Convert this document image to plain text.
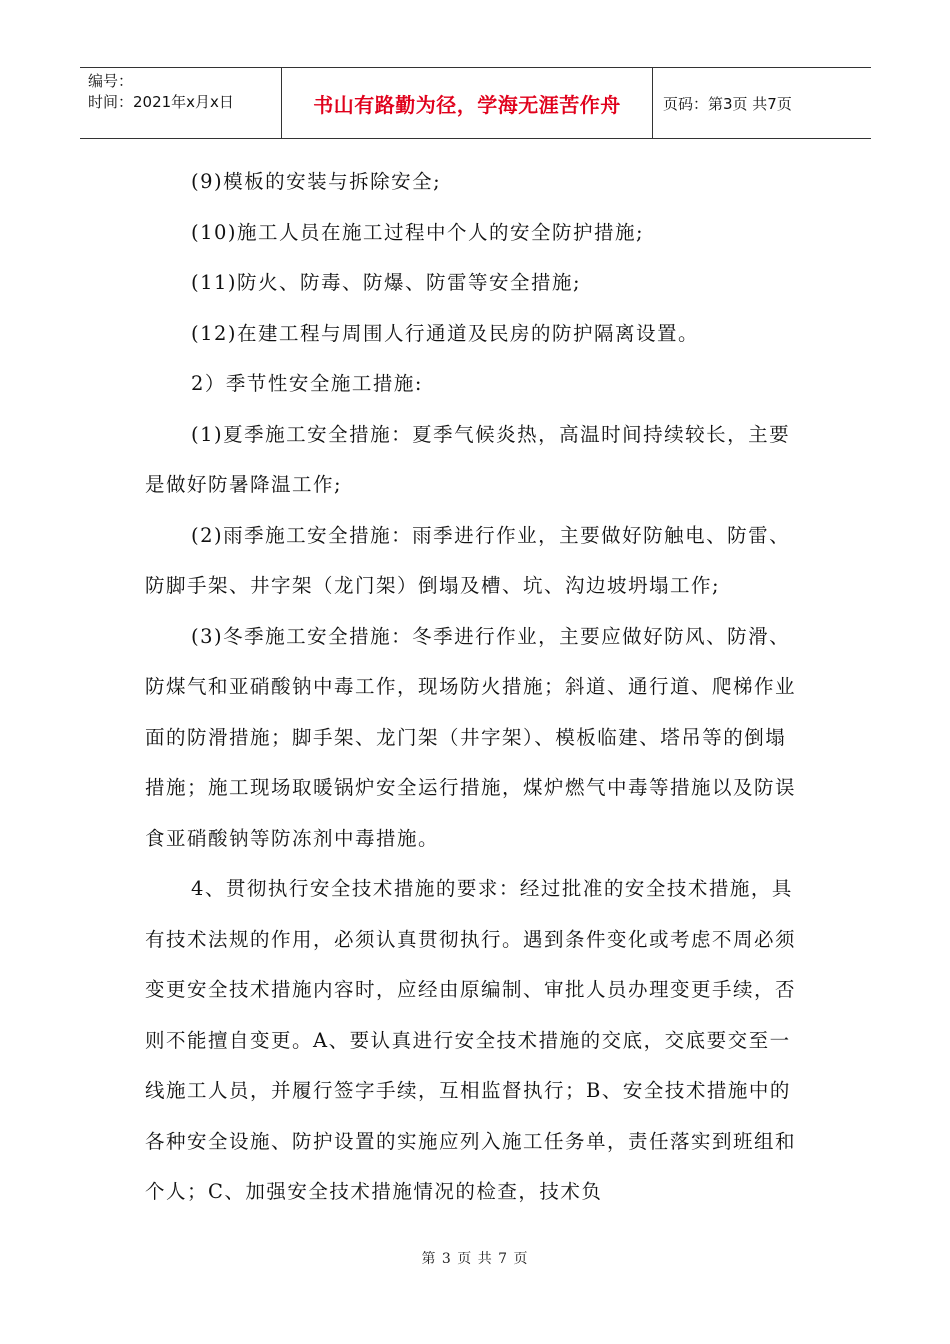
编号：
时间：2021年x月x日	书山有路勤为径，学海无涯苦作舟	页码：第3页 共7页

(9)模板的安装与拆除安全;

(10)施工人员在施工过程中个人的安全防护措施;

(11)防火、防毒、防爆、防雷等安全措施;

(12)在建工程与周围人行通道及民房的防护隔离设置。

2）季节性安全施工措施:

(1)夏季施工安全措施：夏季气候炎热，高温时间持续较长，主要是做好防暑降温工作;

(2)雨季施工安全措施：雨季进行作业，主要做好防触电、防雷、防脚手架、井字架（龙门架）倒塌及槽、坑、沟边坡坍塌工作;

(3)冬季施工安全措施：冬季进行作业，主要应做好防风、防滑、防煤气和亚硝酸钠中毒工作，现场防火措施；斜道、通行道、爬梯作业面的防滑措施；脚手架、龙门架（井字架）、模板临建、塔吊等的倒塌措施；施工现场取暖锅炉安全运行措施，煤炉燃气中毒等措施以及防误食亚硝酸钠等防冻剂中毒措施。

4、贯彻执行安全技术措施的要求：经过批准的安全技术措施，具有技术法规的作用，必须认真贯彻执行。遇到条件变化或考虑不周必须变更安全技术措施内容时，应经由原编制、审批人员办理变更手续，否则不能擅自变更。A、要认真进行安全技术措施的交底，交底要交至一线施工人员，并履行签字手续，互相监督执行；B、安全技术措施中的各种安全设施、防护设置的实施应列入施工任务单，责任落实到班组和个人；C、加强安全技术措施情况的检查，技术负

第 3 页 共 7 页
